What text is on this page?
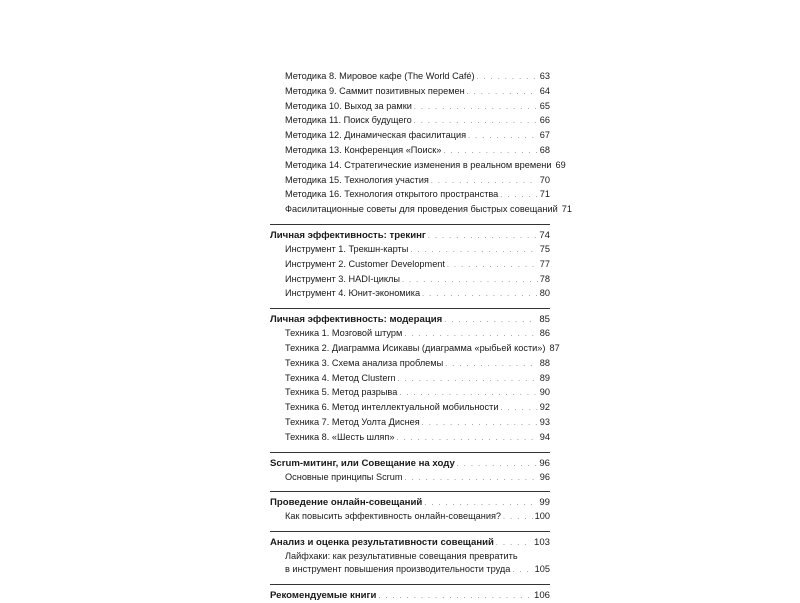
Методика 8. Мировое кафе (The World Café) . . .	63
Методика 9. Саммит позитивных перемен . . .	64
Методика 10. Выход за рамки . . .	65
Методика 11. Поиск будущего . . .	66
Методика 12. Динамическая фасилитация . . .	67
Методика 13. Конференция «Поиск» . . .	68
Методика 14. Стратегические изменения в реальном времени 69
Методика 15. Технология участия . . .	70
Методика 16. Технология открытого пространства . . .	71
Фасилитационные советы для проведения быстрых совещаний 71
Личная эффективность: трекинг . . .	74
Инструмент 1. Трекшн-карты . . .	75
Инструмент 2. Customer Development . . .	77
Инструмент 3. HADI-циклы . . .	78
Инструмент 4. Юнит-экономика . . .	80
Личная эффективность: модерация . . .	85
Техника 1. Мозговой штурм . . .	86
Техника 2. Диаграмма Исикавы (диаграмма «рыбьей кости») 87
Техника 3. Схема анализа проблемы . . .	88
Техника 4. Метод Clustern . . .	89
Техника 5. Метод разрыва . . .	90
Техника 6. Метод интеллектуальной мобильности . . .	92
Техника 7. Метод Уолта Диснея . . .	93
Техника 8. «Шесть шляп» . . .	94
Scrum-митинг, или Совещание на ходу . . .	96
Основные принципы Scrum . . .	96
Проведение онлайн-совещаний . . .	99
Как повысить эффективность онлайн-совещания? . . .	100
Анализ и оценка результативности совещаний . . .	103
Лайфхаки: как результативные совещания превратить
в инструмент повышения производительности труда . . .	105
Рекомендуемые книги . . .	106
